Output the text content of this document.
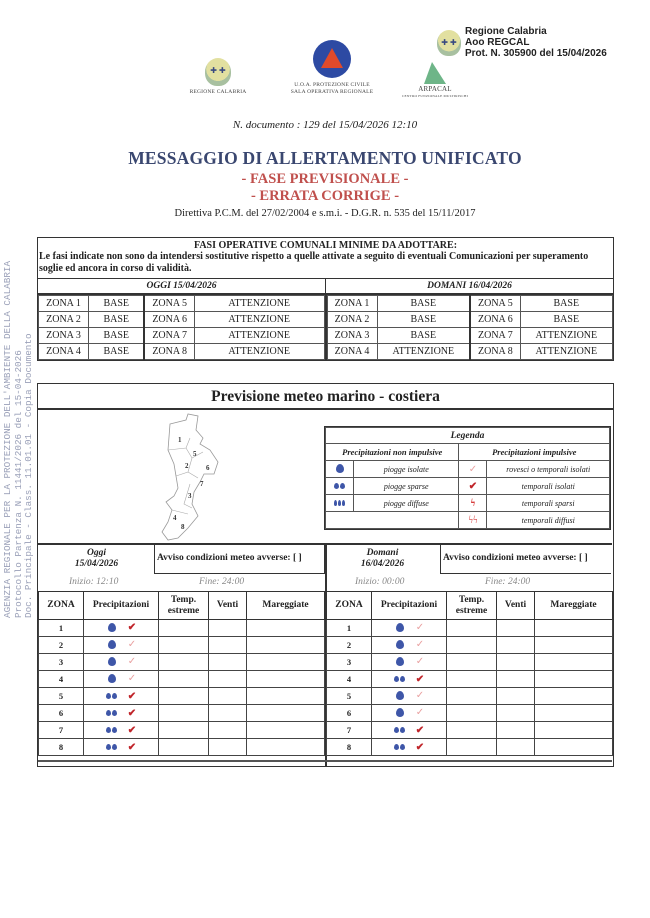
✚ ✚
REGIONE CALABRIA
U.O.A. PROTEZIONE CIVILE
SALA OPERATIVA REGIONALE	ARPACAL
CENTRO FUNZIONALE MULTIRISCHI
✚ ✚
Regione Calabria
Aoo REGCAL
Prot. N. 305900 del 15/04/2026
N. documento : 129 del 15/04/2026 12:10
MESSAGGIO DI ALLERTAMENTO UNIFICATO
- FASE PREVISIONALE -
- ERRATA CORRIGE -
Direttiva P.C.M. del 27/02/2004 e s.m.i. - D.G.R. n. 535 del 15/11/2017
AGENZIA REGIONALE PER LA PROTEZIONE DELL'AMBIENTE DELLA CALABRIA Protocollo Partenza N. 11441/2026 del 15-04-2026 Doc. Principale - Class. 11.01.01 - Copia Documento
FASI OPERATIVE COMUNALI MINIME DA ADOTTARE:
Le fasi indicate non sono da intendersi sostitutive rispetto a quelle attivate a seguito di eventuali Comunicazioni per superamento soglie ed ancora in corso di validità.
OGGI 15/04/2026	DOMANI 16/04/2026
ZONA 1	BASE	ZONA 5	ATTENZIONE
ZONA 2	BASE	ZONA 6	ATTENZIONE
ZONA 3	BASE	ZONA 7	ATTENZIONE
ZONA 4	BASE	ZONA 8	ATTENZIONE
ZONA 1	BASE	ZONA 5	BASE
ZONA 2	BASE	ZONA 6	BASE
ZONA 3	BASE	ZONA 7	ATTENZIONE
ZONA 4	ATTENZIONE	ZONA 8	ATTENZIONE
Previsione meteo marino - costiera
1
5
2	6
7
3
4
8
Legenda			
Precipitazioni non impulsive		Precipitazioni impulsive	
	piogge isolate	✓	rovesci o temporali isolati

	piogge sparse	✔	temporali isolati

	piogge diffuse	ϟ	temporali sparsi
		ϟϟ	temporali diffusi
Oggi
15/04/2026
Avviso condizioni meteo avverse: [ ]
Inizio: 12:10	Fine: 24:00
Domani
16/04/2026
Avviso condizioni meteo avverse: [ ]
Inizio: 00:00	Fine: 24:00
ZONA	Precipitazioni	Temp. estreme	Venti	Mareggiate
1	✔			

2	✓			

3	✓			

4	✓			

5	✔			

6	✔			

7	✔			

8	✔			

ZONA	Precipitazioni	Temp. estreme	Venti	Mareggiate
1	✓			

2	✓			

3	✓			

4	✔			

5	✓			

6	✓			

7	✔			

8	✔			
